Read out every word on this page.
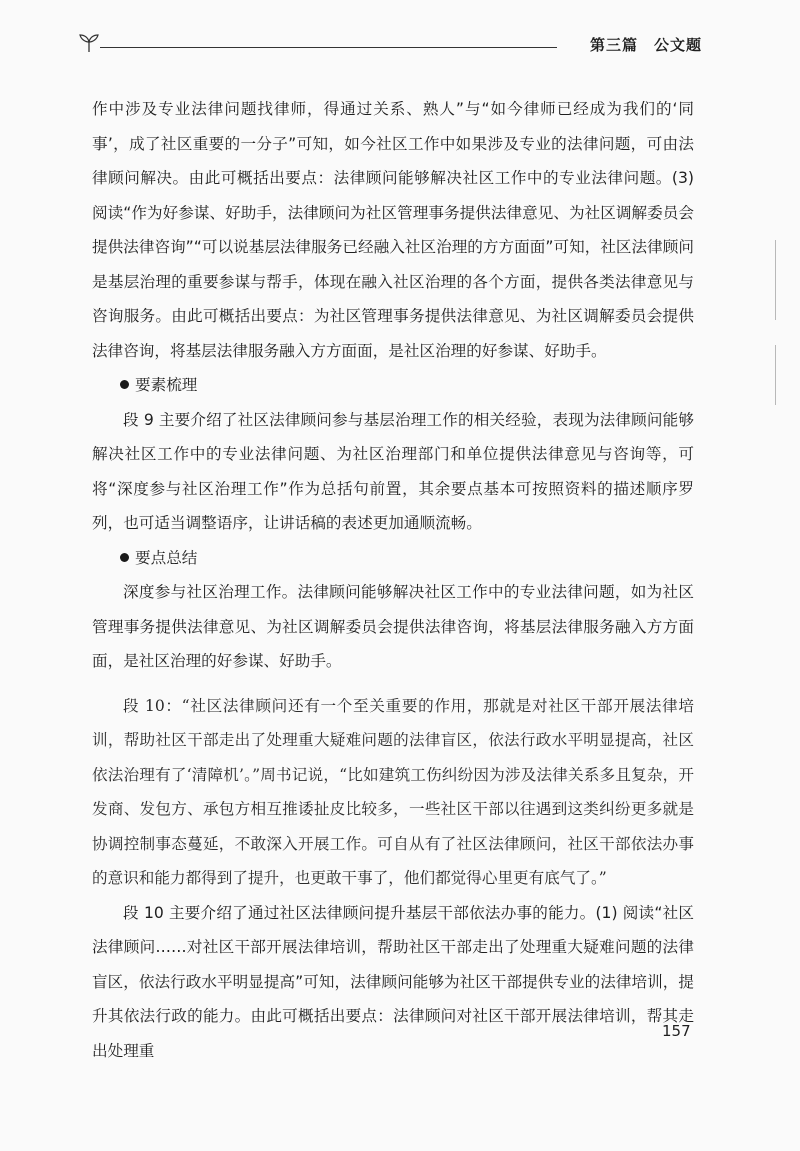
第三篇　公文题

作中涉及专业法律问题找律师，得通过关系、熟人”与“如今律师已经成为我们的‘同事’，成了社区重要的一分子”可知，如今社区工作中如果涉及专业的法律问题，可由法律顾问解决。由此可概括出要点：法律顾问能够解决社区工作中的专业法律问题。(3) 阅读“作为好参谋、好助手，法律顾问为社区管理事务提供法律意见、为社区调解委员会提供法律咨询”“可以说基层法律服务已经融入社区治理的方方面面”可知，社区法律顾问是基层治理的重要参谋与帮手，体现在融入社区治理的各个方面，提供各类法律意见与咨询服务。由此可概括出要点：为社区管理事务提供法律意见、为社区调解委员会提供法律咨询，将基层法律服务融入方方面面，是社区治理的好参谋、好助手。

要素梳理

段 9 主要介绍了社区法律顾问参与基层治理工作的相关经验，表现为法律顾问能够解决社区工作中的专业法律问题、为社区治理部门和单位提供法律意见与咨询等，可将“深度参与社区治理工作”作为总括句前置，其余要点基本可按照资料的描述顺序罗列，也可适当调整语序，让讲话稿的表述更加通顺流畅。

要点总结

深度参与社区治理工作。法律顾问能够解决社区工作中的专业法律问题，如为社区管理事务提供法律意见、为社区调解委员会提供法律咨询，将基层法律服务融入方方面面，是社区治理的好参谋、好助手。

段 10：“社区法律顾问还有一个至关重要的作用，那就是对社区干部开展法律培训，帮助社区干部走出了处理重大疑难问题的法律盲区，依法行政水平明显提高，社区依法治理有了‘清障机’。”周书记说，“比如建筑工伤纠纷因为涉及法律关系多且复杂，开发商、发包方、承包方相互推诿扯皮比较多，一些社区干部以往遇到这类纠纷更多就是协调控制事态蔓延，不敢深入开展工作。可自从有了社区法律顾问，社区干部依法办事的意识和能力都得到了提升，也更敢干事了，他们都觉得心里更有底气了。”

段 10 主要介绍了通过社区法律顾问提升基层干部依法办事的能力。(1) 阅读“社区法律顾问……对社区干部开展法律培训，帮助社区干部走出了处理重大疑难问题的法律盲区，依法行政水平明显提高”可知，法律顾问能够为社区干部提供专业的法律培训，提升其依法行政的能力。由此可概括出要点：法律顾问对社区干部开展法律培训，帮其走出处理重

157
